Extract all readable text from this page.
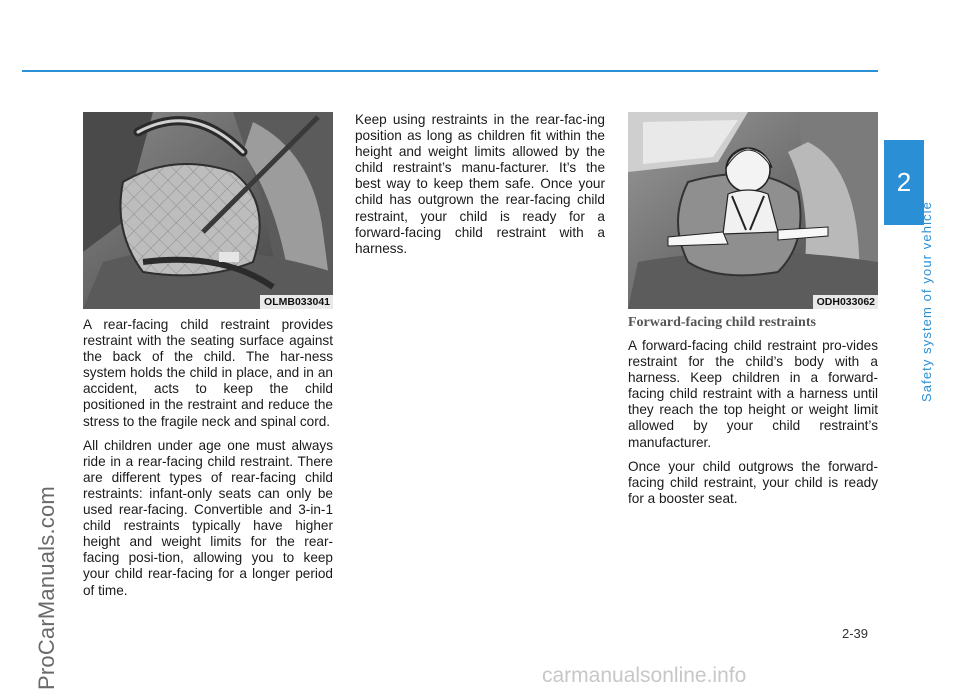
ProCarManuals.com
OLMB033041

A rear-facing child restraint provides restraint with the seating surface against the back of the child. The har-ness system holds the child in place, and in an accident, acts to keep the child positioned in the restraint and reduce the stress to the fragile neck and spinal cord.

All children under age one must always ride in a rear-facing child restraint. There are different types of rear-facing child restraints: infant-only seats can only be used rear-facing. Convertible and 3-in-1 child restraints typically have higher height and weight limits for the rear-facing posi-tion, allowing you to keep your child rear-facing for a longer period of time.

Keep using restraints in the rear-fac-ing position as long as children fit within the height and weight limits allowed by the child restraint’s manu-facturer. It’s the best way to keep them safe. Once your child has outgrown the rear-facing child restraint, your child is ready for a forward-facing child restraint with a harness.

ODH033062
Forward-facing child restraints

A forward-facing child restraint pro-vides restraint for the child’s body with a harness. Keep children in a forward-facing child restraint with a harness until they reach the top height or weight limit allowed by your child restraint’s manufacturer.

Once your child outgrows the forward-facing child restraint, your child is ready for a booster seat.

2
Safety system of your vehicle
2-39
carmanualsonline.info
